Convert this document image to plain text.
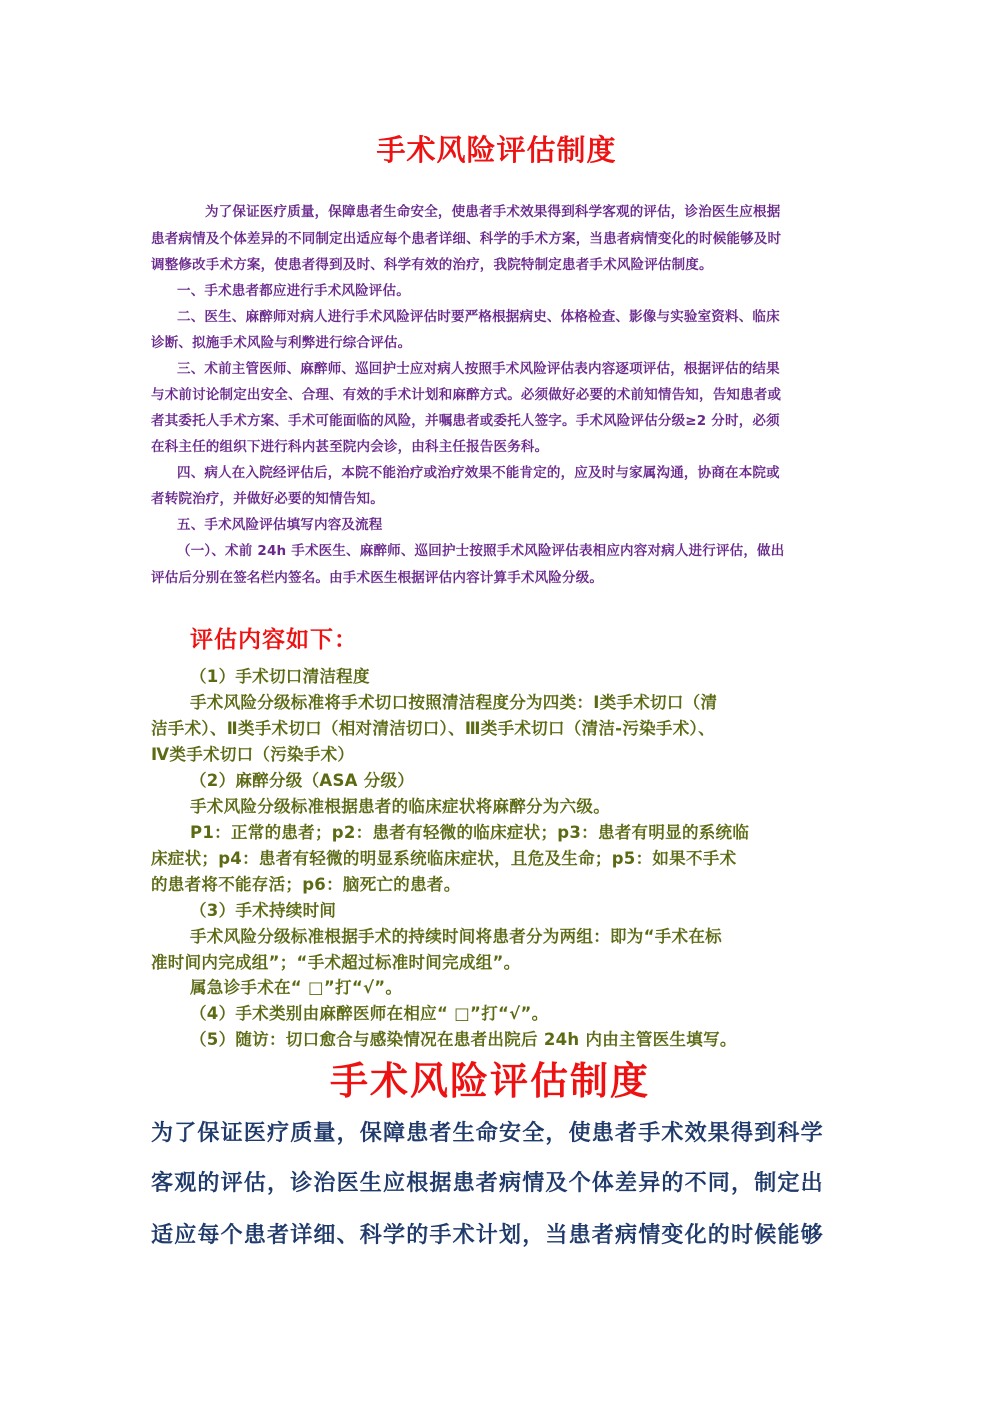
手术风险评估制度

为了保证医疗质量，保障患者生命安全，使患者手术效果得到科学客观的评估，诊治医生应根据

患者病情及个体差异的不同制定出适应每个患者详细、科学的手术方案，当患者病情变化的时候能够及时

调整修改手术方案，使患者得到及时、科学有效的治疗，我院特制定患者手术风险评估制度。

一、手术患者都应进行手术风险评估。

二、医生、麻醉师对病人进行手术风险评估时要严格根据病史、体格检查、影像与实验室资料、临床

诊断、拟施手术风险与利弊进行综合评估。

三、术前主管医师、麻醉师、巡回护士应对病人按照手术风险评估表内容逐项评估，根据评估的结果

与术前讨论制定出安全、合理、有效的手术计划和麻醉方式。必须做好必要的术前知情告知，告知患者或

者其委托人手术方案、手术可能面临的风险，并嘱患者或委托人签字。手术风险评估分级≥2 分时，必须

在科主任的组织下进行科内甚至院内会诊，由科主任报告医务科。

四、病人在入院经评估后，本院不能治疗或治疗效果不能肯定的，应及时与家属沟通，协商在本院或

者转院治疗，并做好必要的知情告知。

五、手术风险评估填写内容及流程

（一）、术前 24h 手术医生、麻醉师、巡回护士按照手术风险评估表相应内容对病人进行评估，做出

评估后分别在签名栏内签名。由手术医生根据评估内容计算手术风险分级。

评估内容如下：

（1）手术切口清洁程度

手术风险分级标准将手术切口按照清洁程度分为四类：Ⅰ类手术切口（清

洁手术）、Ⅱ类手术切口（相对清洁切口）、Ⅲ类手术切口（清洁-污染手术）、

Ⅳ类手术切口（污染手术）

（2）麻醉分级（ASA 分级）

手术风险分级标准根据患者的临床症状将麻醉分为六级。

P1：正常的患者；p2：患者有轻微的临床症状；p3：患者有明显的系统临

床症状；p4：患者有轻微的明显系统临床症状，且危及生命；p5：如果不手术

的患者将不能存活；p6：脑死亡的患者。

（3）手术持续时间

手术风险分级标准根据手术的持续时间将患者分为两组：即为“手术在标

准时间内完成组”；“手术超过标准时间完成组”。

属急诊手术在“ □”打“√”。

（4）手术类别由麻醉医师在相应“ □”打“√”。

（5）随访：切口愈合与感染情况在患者出院后 24h 内由主管医生填写。

手术风险评估制度

为了保证医疗质量，保障患者生命安全，使患者手术效果得到科学

客观的评估，诊治医生应根据患者病情及个体差异的不同，制定出

适应每个患者详细、科学的手术计划，当患者病情变化的时候能够
